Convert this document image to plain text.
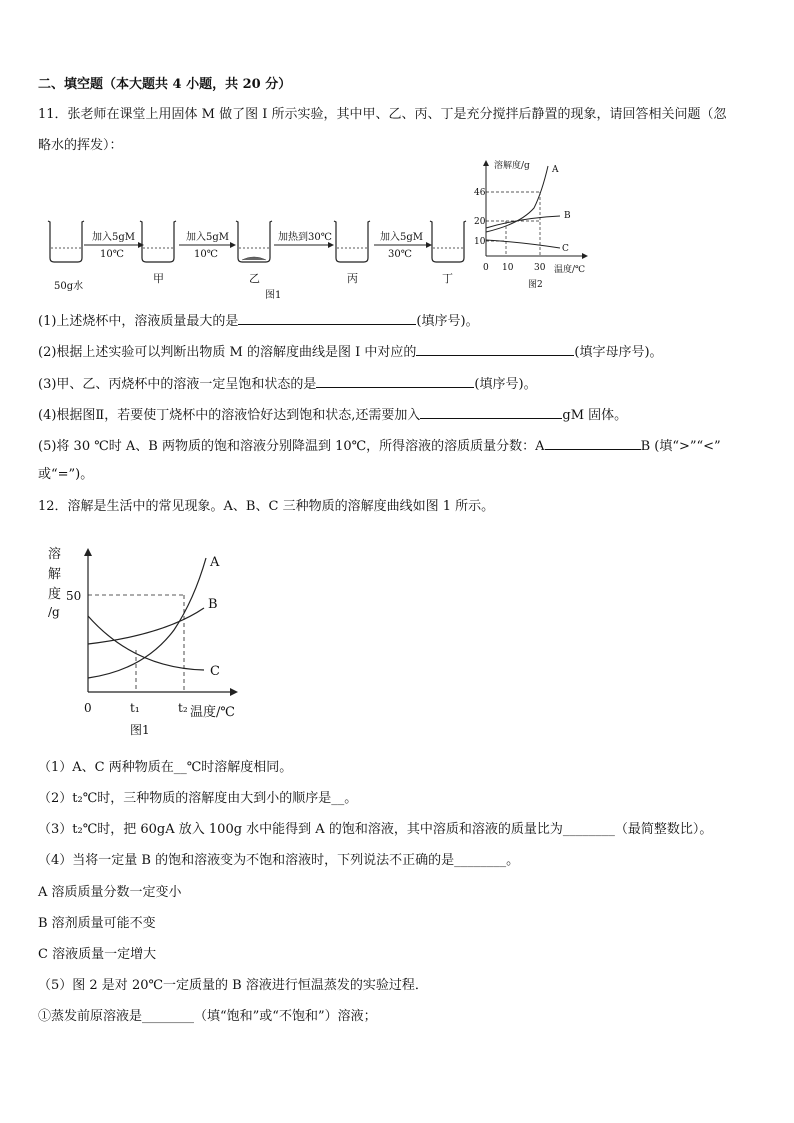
二、填空题（本大题共 4 小题，共 20 分）
11．张老师在课堂上用固体 M 做了图 I 所示实验，其中甲、乙、丙、丁是充分搅拌后静置的现象，请回答相关问题（忽
略水的挥发）：
50g水
加入5gM
10℃
甲
加入5gM
10℃
乙
加热到30℃
丙
加入5gM
30℃
丁
图1
溶解度/g
温度/℃
46
20
10
0 10 30
A
B
C
图2
(1)上述烧杯中，溶液质量最大的是	(填序号)。
(2)根据上述实验可以判断出物质 M 的溶解度曲线是图 I 中对应的	(填字母序号)。
(3)甲、乙、丙烧杯中的溶液一定呈饱和状态的是	(填序号)。
(4)根据图Ⅱ，若要使丁烧杯中的溶液恰好达到饱和状态,还需要加入	gM 固体。
(5)将 30 ℃时 A、B 两物质的饱和溶液分别降温到 10℃，所得溶液的溶质质量分数：A	B (填“>”“<”
或“=”)。
12．溶解是生活中的常见现象。A、B、C 三种物质的溶解度曲线如图 1 所示。
溶
解
度
/g
50
A
B
C
0	t₁	t₂ 温度/℃
图1
（1）A、C 两种物质在__℃时溶解度相同。
（2）t₂℃时，三种物质的溶解度由大到小的顺序是__。
（3）t₂℃时，把 60gA 放入 100g 水中能得到 A 的饱和溶液，其中溶质和溶液的质量比为________（最简整数比）。
（4）当将一定量 B 的饱和溶液变为不饱和溶液时，下列说法不正确的是________。
A 溶质质量分数一定变小
B 溶剂质量可能不变
C 溶液质量一定增大
（5）图 2 是对 20℃一定质量的 B 溶液进行恒温蒸发的实验过程．
①蒸发前原溶液是________（填“饱和”或“不饱和”）溶液；
